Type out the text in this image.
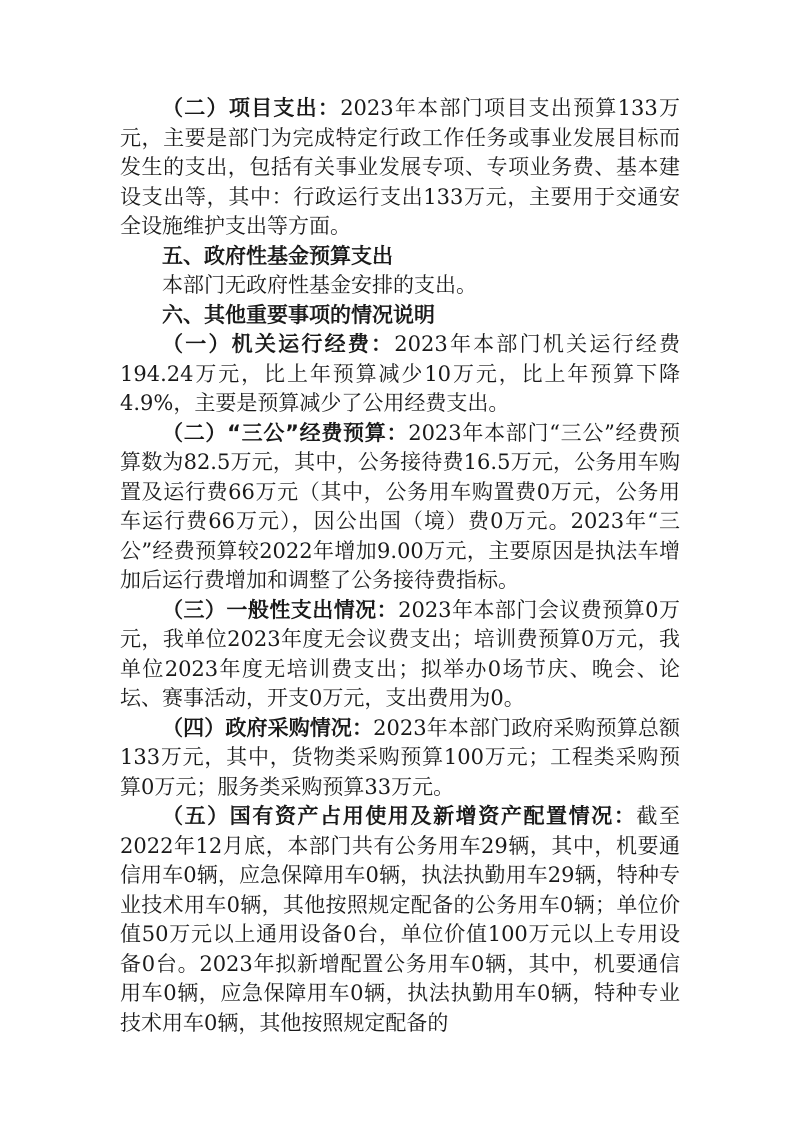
（二）项目支出：2023年本部门项目支出预算133万元，主要是部门为完成特定行政工作任务或事业发展目标而发生的支出，包括有关事业发展专项、专项业务费、基本建设支出等，其中：行政运行支出133万元，主要用于交通安全设施维护支出等方面。

五、政府性基金预算支出

本部门无政府性基金安排的支出。

六、其他重要事项的情况说明

（一）机关运行经费：2023年本部门机关运行经费194.24万元，比上年预算减少10万元，比上年预算下降4.9%，主要是预算减少了公用经费支出。

（二）“三公”经费预算：2023年本部门“三公”经费预算数为82.5万元，其中，公务接待费16.5万元，公务用车购置及运行费66万元（其中，公务用车购置费0万元，公务用车运行费66万元），因公出国（境）费0万元。2023年“三公”经费预算较2022年增加9.00万元，主要原因是执法车增加后运行费增加和调整了公务接待费指标。

（三）一般性支出情况：2023年本部门会议费预算0万元，我单位2023年度无会议费支出；培训费预算0万元，我单位2023年度无培训费支出；拟举办0场节庆、晚会、论坛、赛事活动，开支0万元，支出费用为0。

（四）政府采购情况：2023年本部门政府采购预算总额133万元，其中，货物类采购预算100万元；工程类采购预算0万元；服务类采购预算33万元。

（五）国有资产占用使用及新增资产配置情况：截至2022年12月底，本部门共有公务用车29辆，其中，机要通信用车0辆，应急保障用车0辆，执法执勤用车29辆，特种专业技术用车0辆，其他按照规定配备的公务用车0辆；单位价值50万元以上通用设备0台，单位价值100万元以上专用设备0台。2023年拟新增配置公务用车0辆，其中，机要通信用车0辆，应急保障用车0辆，执法执勤用车0辆，特种专业技术用车0辆，其他按照规定配备的
